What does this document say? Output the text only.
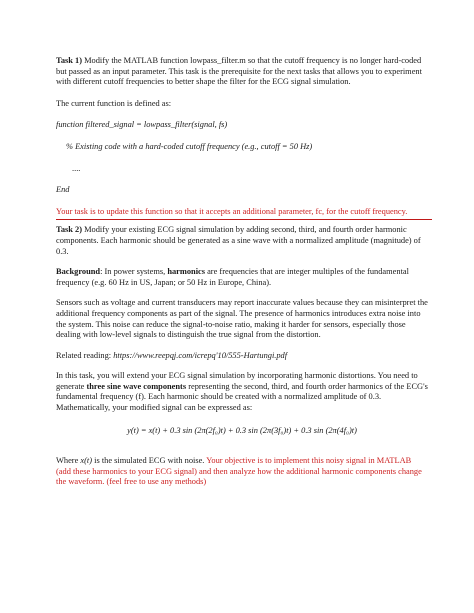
Task 1) Modify the MATLAB function lowpass_filter.m so that the cutoff frequency is no longer hard-coded but passed as an input parameter. This task is the prerequisite for the next tasks that allows you to experiment with different cutoff frequencies to better shape the filter for the ECG signal simulation.

The current function is defined as:

function filtered_signal = lowpass_filter(signal, fs)

% Existing code with a hard-coded cutoff frequency (e.g., cutoff = 50 Hz)

....

End

Your task is to update this function so that it accepts an additional parameter, fc, for the cutoff frequency.

Task 2) Modify your existing ECG signal simulation by adding second, third, and fourth order harmonic components. Each harmonic should be generated as a sine wave with a normalized amplitude (magnitude) of 0.3.

Background: In power systems, harmonics are frequencies that are integer multiples of the fundamental frequency (e.g. 60 Hz in US, Japan; or 50 Hz in Europe, China).

Sensors such as voltage and current transducers may report inaccurate values because they can misinterpret the additional frequency components as part of the signal. The presence of harmonics introduces extra noise into the system. This noise can reduce the signal-to-noise ratio, making it harder for sensors, especially those dealing with low-level signals to distinguish the true signal from the distortion.

Related reading: https://www.reepqj.com/icrepq'10/555-Hartungi.pdf

In this task, you will extend your ECG signal simulation by incorporating harmonic distortions. You need to generate three sine wave components representing the second, third, and fourth order harmonics of the ECG's fundamental frequency (f). Each harmonic should be created with a normalized amplitude of 0.3. Mathematically, your modified signal can be expressed as:

y(t) = x(t) + 0.3 sin (2π(2f₀)t) + 0.3 sin (2π(3f₀)t) + 0.3 sin (2π(4f₀)t)

Where x(t) is the simulated ECG with noise. Your objective is to implement this noisy signal in MATLAB (add these harmonics to your ECG signal) and then analyze how the additional harmonic components change the waveform. (feel free to use any methods)
